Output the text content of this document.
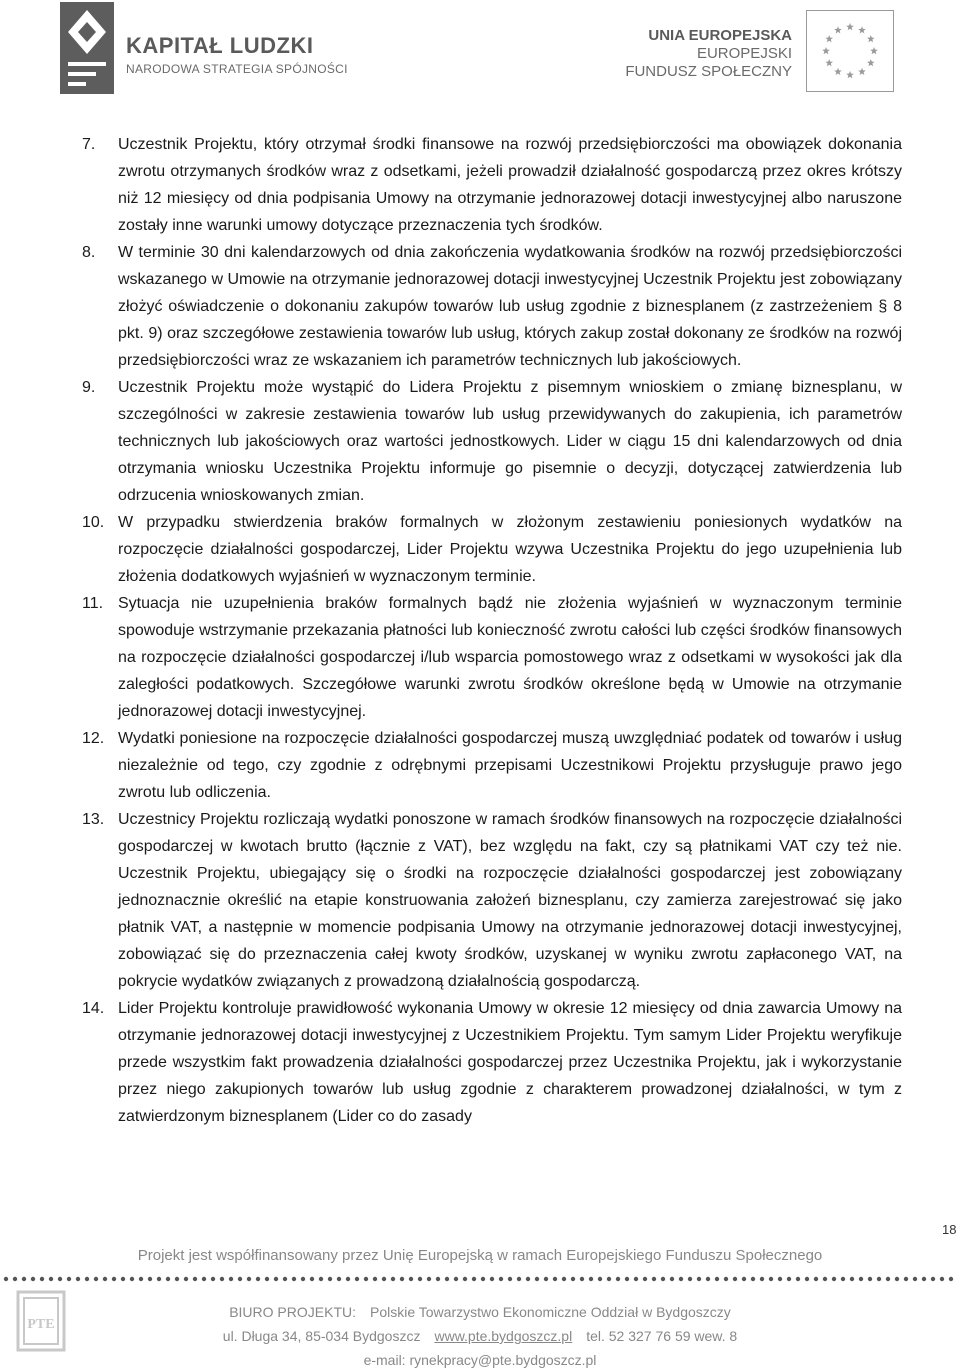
KAPITAŁ LUDZKI
NARODOWA STRATEGIA SPÓJNOŚCI
UNIA EUROPEJSKA
EUROPEJSKI
FUNDUSZ SPOŁECZNY
7. Uczestnik Projektu, który otrzymał środki finansowe na rozwój przedsiębiorczości ma obowiązek dokonania zwrotu otrzymanych środków wraz z odsetkami, jeżeli prowadził działalność gospodarczą przez okres krótszy niż 12 miesięcy od dnia podpisania Umowy na otrzymanie jednorazowej dotacji inwestycyjnej albo naruszone zostały inne warunki umowy dotyczące przeznaczenia tych środków.
8. W terminie 30 dni kalendarzowych od dnia zakończenia wydatkowania środków na rozwój przedsiębiorczości wskazanego w Umowie na otrzymanie jednorazowej dotacji inwestycyjnej Uczestnik Projektu jest zobowiązany złożyć oświadczenie o dokonaniu zakupów towarów lub usług zgodnie z biznesplanem (z zastrzeżeniem § 8 pkt. 9) oraz szczegółowe zestawienia towarów lub usług, których zakup został dokonany ze środków na rozwój przedsiębiorczości wraz ze wskazaniem ich parametrów technicznych lub jakościowych.
9. Uczestnik Projektu może wystąpić do Lidera Projektu z pisemnym wnioskiem o zmianę biznesplanu, w szczególności w zakresie zestawienia towarów lub usług przewidywanych do zakupienia, ich parametrów technicznych lub jakościowych oraz wartości jednostkowych. Lider w ciągu 15 dni kalendarzowych od dnia otrzymania wniosku Uczestnika Projektu informuje go pisemnie o decyzji, dotyczącej zatwierdzenia lub odrzucenia wnioskowanych zmian.
10. W przypadku stwierdzenia braków formalnych w złożonym zestawieniu poniesionych wydatków na rozpoczęcie działalności gospodarczej, Lider Projektu wzywa Uczestnika Projektu do jego uzupełnienia lub złożenia dodatkowych wyjaśnień w wyznaczonym terminie.
11. Sytuacja nie uzupełnienia braków formalnych bądź nie złożenia wyjaśnień w wyznaczonym terminie spowoduje wstrzymanie przekazania płatności lub konieczność zwrotu całości lub części środków finansowych na rozpoczęcie działalności gospodarczej i/lub wsparcia pomostowego wraz z odsetkami w wysokości jak dla zaległości podatkowych. Szczegółowe warunki zwrotu środków określone będą w Umowie na otrzymanie jednorazowej dotacji inwestycyjnej.
12. Wydatki poniesione na rozpoczęcie działalności gospodarczej muszą uwzględniać podatek od towarów i usług niezależnie od tego, czy zgodnie z odrębnymi przepisami Uczestnikowi Projektu przysługuje prawo jego zwrotu lub odliczenia.
13. Uczestnicy Projektu rozliczają wydatki ponoszone w ramach środków finansowych na rozpoczęcie działalności gospodarczej w kwotach brutto (łącznie z VAT), bez względu na fakt, czy są płatnikami VAT czy też nie. Uczestnik Projektu, ubiegający się o środki na rozpoczęcie działalności gospodarczej jest zobowiązany jednoznacznie określić na etapie konstruowania założeń biznesplanu, czy zamierza zarejestrować się jako płatnik VAT, a następnie w momencie podpisania Umowy na otrzymanie jednorazowej dotacji inwestycyjnej, zobowiązać się do przeznaczenia całej kwoty środków, uzyskanej w wyniku zwrotu zapłaconego VAT, na pokrycie wydatków związanych z prowadzoną działalnością gospodarczą.
14. Lider Projektu kontroluje prawidłowość wykonania Umowy w okresie 12 miesięcy od dnia zawarcia Umowy na otrzymanie jednorazowej dotacji inwestycyjnej z Uczestnikiem Projektu. Tym samym Lider Projektu weryfikuje przede wszystkim fakt prowadzenia działalności gospodarczej przez Uczestnika Projektu, jak i wykorzystanie przez niego zakupionych towarów lub usług zgodnie z charakterem prowadzonej działalności, w tym z zatwierdzonym biznesplanem (Lider co do zasady
18
Projekt jest współfinansowany przez Unię Europejską w ramach Europejskiego Funduszu Społecznego
PTE
BIURO PROJEKTU: Polskie Towarzystwo Ekonomiczne Oddział w Bydgoszczy
ul. Długa 34, 85-034 Bydgoszcz www.pte.bydgoszcz.pl tel. 52 327 76 59 wew. 8
e-mail: rynekpracy@pte.bydgoszcz.pl
